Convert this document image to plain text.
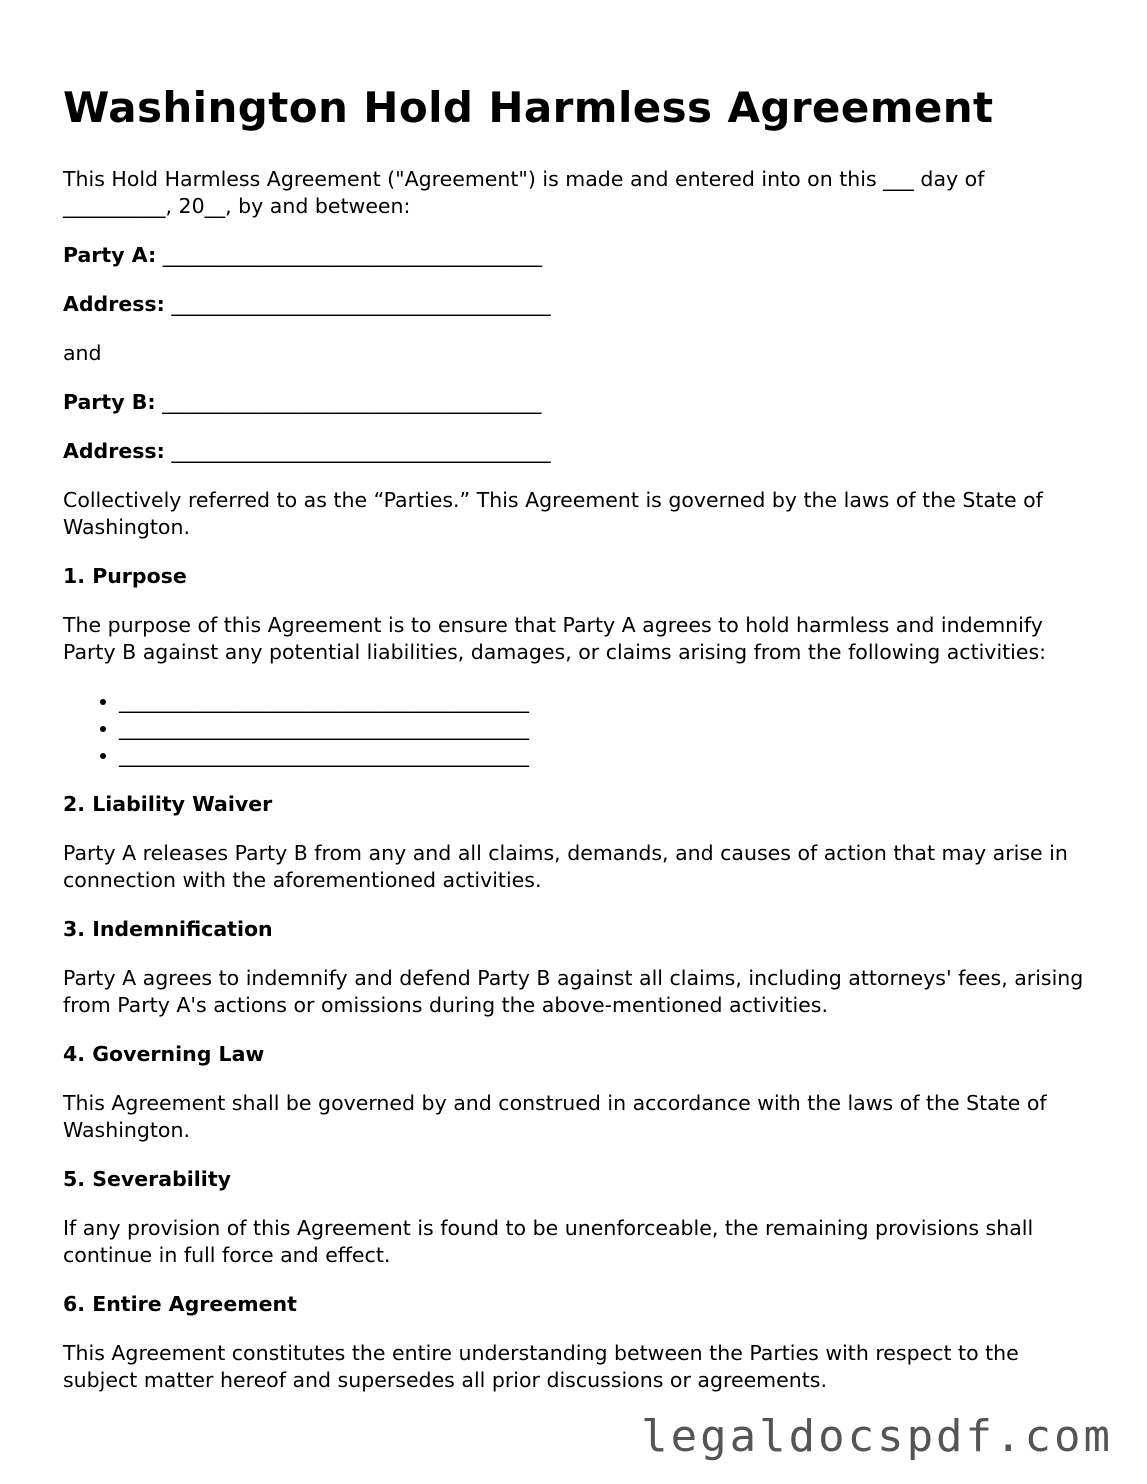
Washington Hold Harmless Agreement

This Hold Harmless Agreement ("Agreement") is made and entered into on this ___ day of __________, 20__, by and between:

Party A: _____________________________________
Address: _____________________________________

and

Party B: _____________________________________
Address: _____________________________________

Collectively referred to as the “Parties.” This Agreement is governed by the laws of the State of Washington.

1. Purpose

The purpose of this Agreement is to ensure that Party A agrees to hold harmless and indemnify Party B against any potential liabilities, damages, or claims arising from the following activities:

• ________________________________________
• ________________________________________
• ________________________________________
2. Liability Waiver

Party A releases Party B from any and all claims, demands, and causes of action that may arise in connection with the aforementioned activities.

3. Indemnification

Party A agrees to indemnify and defend Party B against all claims, including attorneys' fees, arising from Party A's actions or omissions during the above-mentioned activities.

4. Governing Law

This Agreement shall be governed by and construed in accordance with the laws of the State of Washington.

5. Severability

If any provision of this Agreement is found to be unenforceable, the remaining provisions shall continue in full force and effect.

6. Entire Agreement

This Agreement constitutes the entire understanding between the Parties with respect to the subject matter hereof and supersedes all prior discussions or agreements.

legaldocspdf.com
